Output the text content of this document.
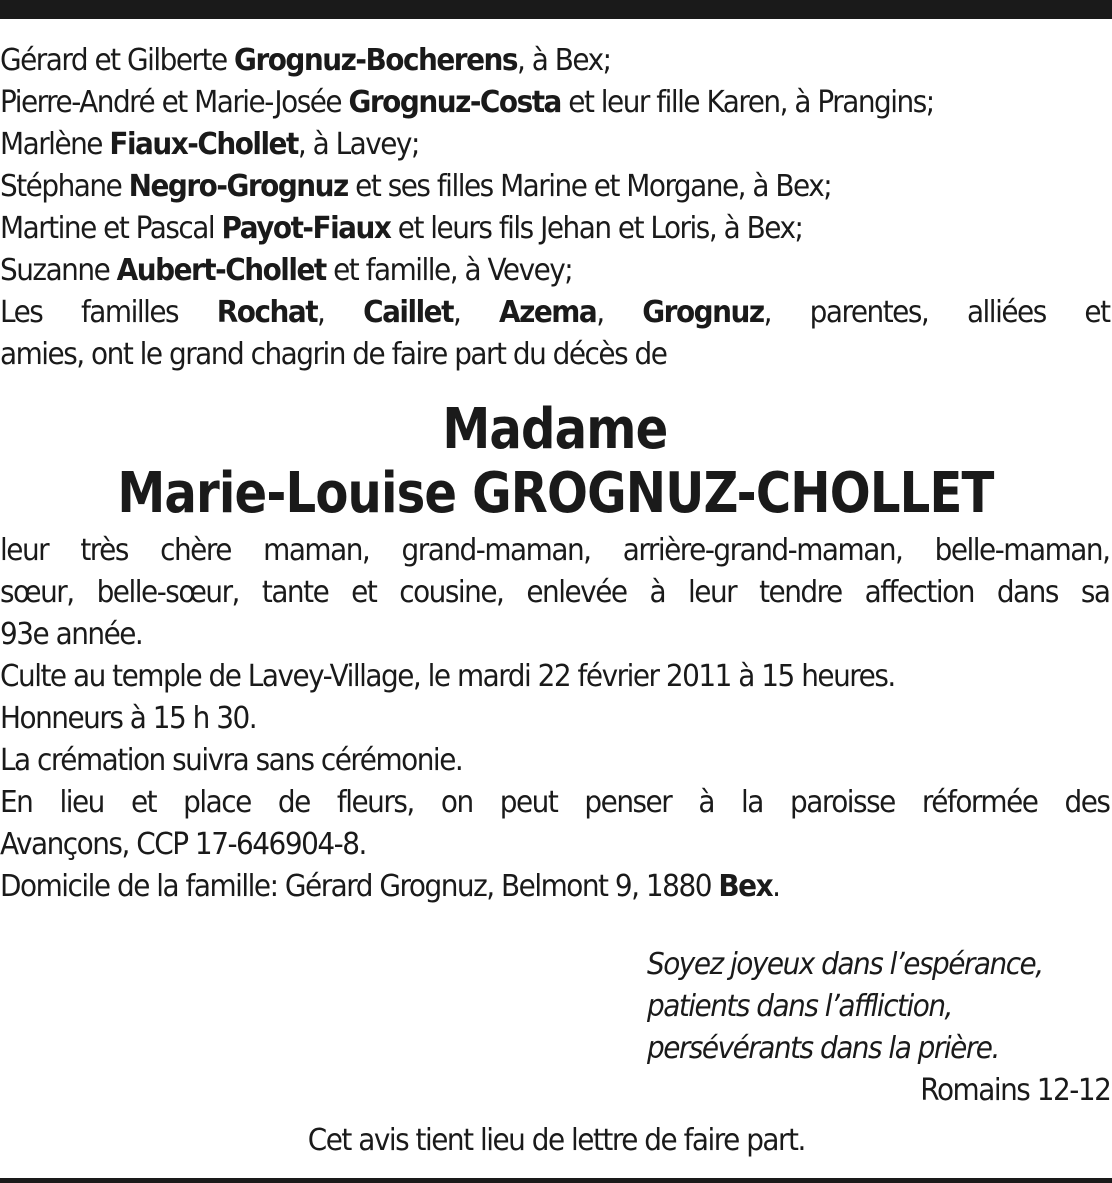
Gérard et Gilberte Grognuz-Bocherens, à Bex;

Pierre-André et Marie-Josée Grognuz-Costa et leur fille Karen, à Prangins;

Marlène Fiaux-Chollet, à Lavey;

Stéphane Negro-Grognuz et ses filles Marine et Morgane, à Bex;

Martine et Pascal Payot-Fiaux et leurs fils Jehan et Loris, à Bex;

Suzanne Aubert-Chollet et famille, à Vevey;

Les familles Rochat, Caillet, Azema, Grognuz, parentes, alliées et
amies, ont le grand chagrin de faire part du décès de

Madame

Marie-Louise GROGNUZ-CHOLLET

leur très chère maman, grand-maman, arrière-grand-maman, belle-maman,
sœur, belle-sœur, tante et cousine, enlevée à leur tendre affection dans sa
93e année.

Culte au temple de Lavey-Village, le mardi 22 février 2011 à 15 heures.

Honneurs à 15 h 30.

La crémation suivra sans cérémonie.

En lieu et place de fleurs, on peut penser à la paroisse réformée des
Avançons, CCP 17-646904-8.

Domicile de la famille: Gérard Grognuz, Belmont 9, 1880 Bex.

Soyez joyeux dans l’espérance,
patients dans l’affliction,
persévérants dans la prière.
Romains 12-12
Cet avis tient lieu de lettre de faire part.
